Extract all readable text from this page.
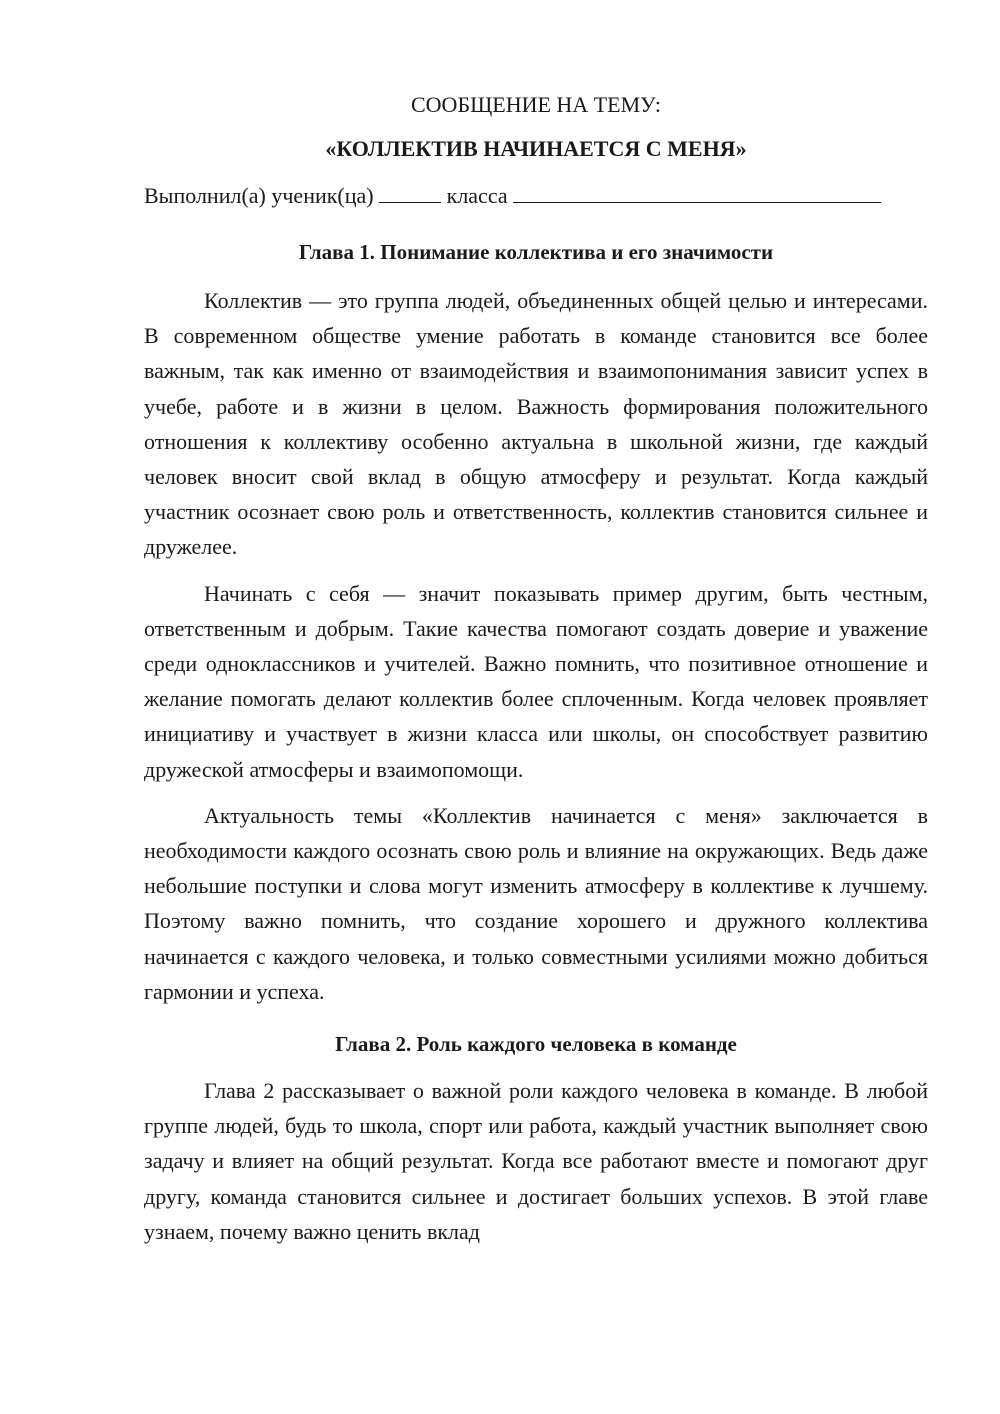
СООБЩЕНИЕ НА ТЕМУ:

«КОЛЛЕКТИВ НАЧИНАЕТСЯ С МЕНЯ»

Выполнил(а) ученик(ца)	класса

Глава 1. Понимание коллектива и его значимости

Коллектив — это группа людей, объединенных общей целью и интересами. В современном обществе умение работать в команде становится все более важным, так как именно от взаимодействия и взаимопонимания зависит успех в учебе, работе и в жизни в целом. Важность формирования положительного отношения к коллективу особенно актуальна в школьной жизни, где каждый человек вносит свой вклад в общую атмосферу и результат. Когда каждый участник осознает свою роль и ответственность, коллектив становится сильнее и дружелее.

Начинать с себя — значит показывать пример другим, быть честным, ответственным и добрым. Такие качества помогают создать доверие и уважение среди одноклассников и учителей. Важно помнить, что позитивное отношение и желание помогать делают коллектив более сплоченным. Когда человек проявляет инициативу и участвует в жизни класса или школы, он способствует развитию дружеской атмосферы и взаимопомощи.

Актуальность темы «Коллектив начинается с меня» заключается в необходимости каждого осознать свою роль и влияние на окружающих. Ведь даже небольшие поступки и слова могут изменить атмосферу в коллективе к лучшему. Поэтому важно помнить, что создание хорошего и дружного коллектива начинается с каждого человека, и только совместными усилиями можно добиться гармонии и успеха.

Глава 2. Роль каждого человека в команде

Глава 2 рассказывает о важной роли каждого человека в команде. В любой группе людей, будь то школа, спорт или работа, каждый участник выполняет свою задачу и влияет на общий результат. Когда все работают вместе и помогают друг другу, команда становится сильнее и достигает больших успехов. В этой главе узнаем, почему важно ценить вклад
